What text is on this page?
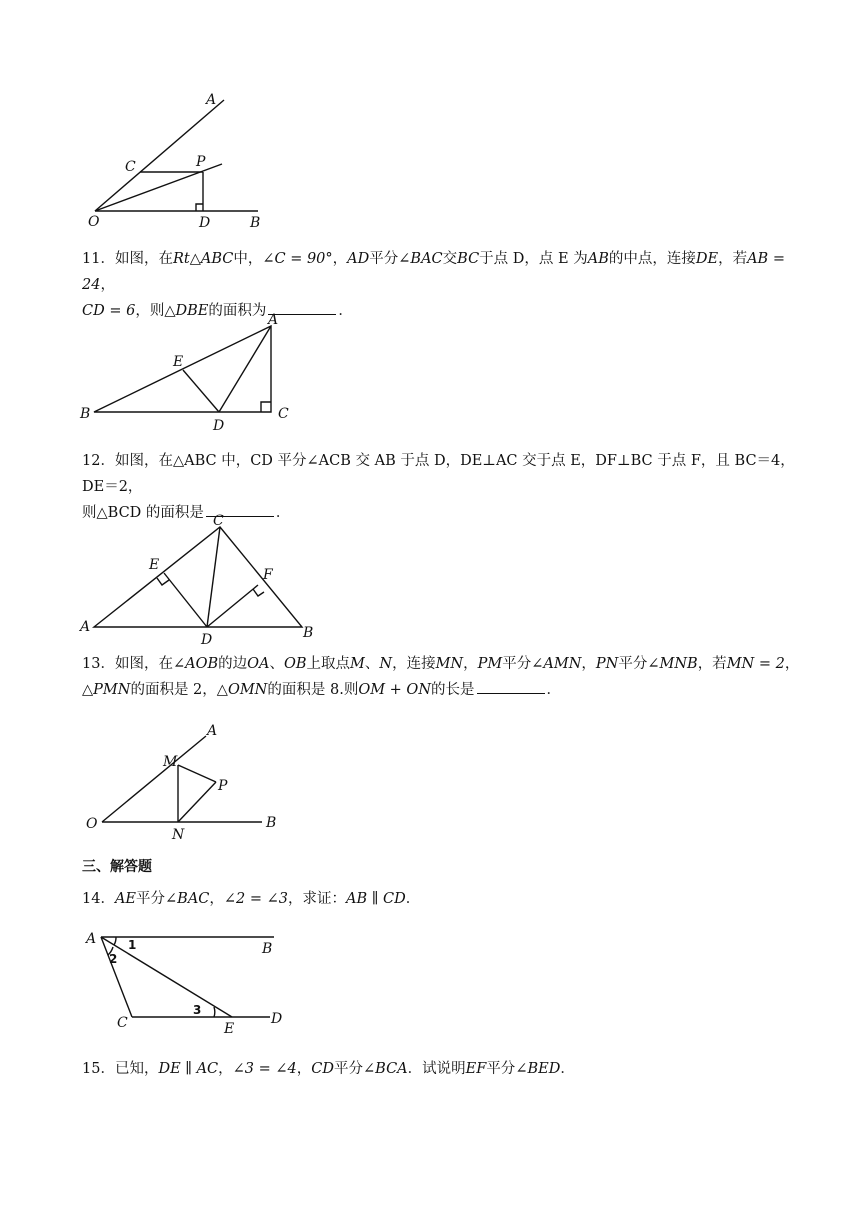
A
C	P
O	D	B
11．如图，在Rt△ABC中，∠C = 90°，AD平分∠BAC交BC于点 D，点 E 为AB的中点，连接DE，若AB = 24，
CD = 6，则△DBE的面积为	．
A
E
B
D
C
12．如图，在△ABC 中，CD 平分∠ACB 交 AB 于点 D，DE⊥AC 交于点 E，DF⊥BC 于点 F，且 BC＝4，DE＝2，
则△BCD 的面积是	．
C
E
F
A
D	B
13．如图，在∠AOB的边OA、OB上取点M、N，连接MN，PM平分∠AMN，PN平分∠MNB，若MN = 2，
△PMN的面积是 2，△OMN的面积是 8.则OM + ON的长是	．
A
M
P
O
N
B
三、解答题
14．AE平分∠BAC，∠2 = ∠3，求证：AB ∥ CD．
A
B
C	E
D
1
2
3
15．已知，DE ∥ AC，∠3 = ∠4，CD平分∠BCA．试说明EF平分∠BED．
